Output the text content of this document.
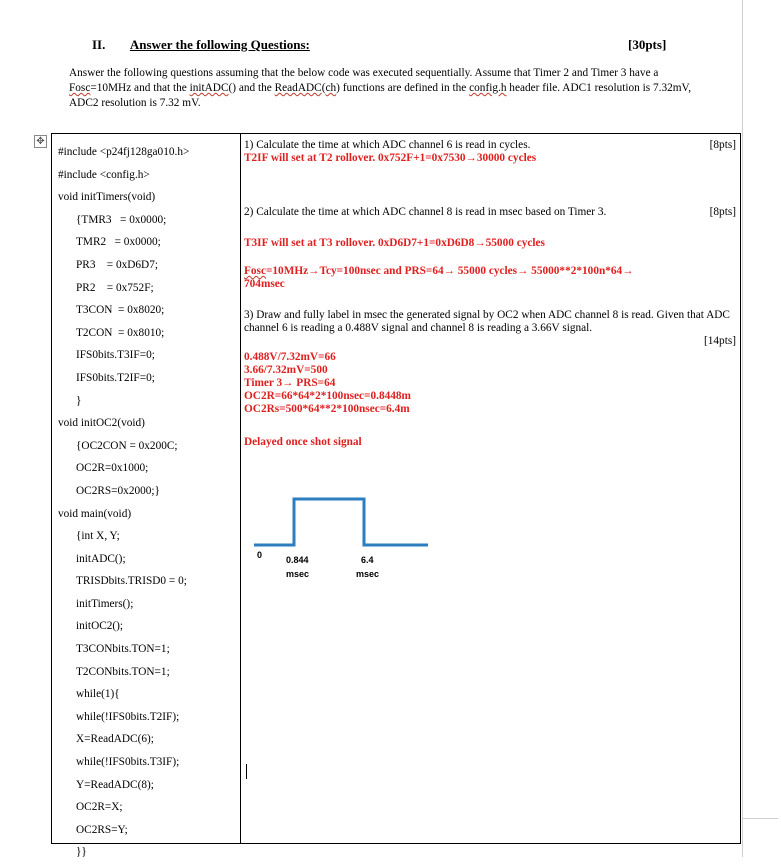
II. Answer the following Questions:	[30pts]
Answer the following questions assuming that the below code was executed sequentially. Assume that Timer 2 and Timer 3 have a Fosc=10MHz and that the initADC() and the ReadADC(ch) functions are defined in the config.h header file. ADC1 resolution is 7.32mV, ADC2 resolution is 7.32 mV.
✥
#include <p24fj128ga010.h>
#include <config.h>
void initTimers(void)
{TMR3   = 0x0000;
TMR2   = 0x0000;
PR3    = 0xD6D7;
PR2    = 0x752F;
T3CON  = 0x8020;
T2CON  = 0x8010;
IFS0bits.T3IF=0;
IFS0bits.T2IF=0;
}
void initOC2(void)
{OC2CON = 0x200C;
OC2R=0x1000;
OC2RS=0x2000;}
void main(void)
{int X, Y;
initADC();
TRISDbits.TRISD0 = 0;
initTimers();
initOC2();
T3CONbits.TON=1;
T2CONbits.TON=1;
while(1){
while(!IFS0bits.T2IF);
X=ReadADC(6);
while(!IFS0bits.T3IF);
Y=ReadADC(8);
OC2R=X;
OC2RS=Y;
}}
1) Calculate the time at which ADC channel 6 is read in cycles.	[8pts]
T2IF will set at T2 rollover. 0x752F+1=0x7530→30000 cycles
2) Calculate the time at which ADC channel 8 is read in msec based on Timer 3.	[8pts]
T3IF will set at T3 rollover. 0xD6D7+1=0xD6D8→55000 cycles
Fosc=10MHz→Tcy=100nsec and PRS=64→ 55000 cycles→ 55000**2*100n*64→
704msec
3) Draw and fully label in msec the generated signal by OC2 when ADC channel 8 is read. Given that ADC channel 6 is reading a 0.488V signal and channel 8 is reading a 3.66V signal.
[14pts]
0.488V/7.32mV=66
3.66/7.32mV=500
Timer 3→ PRS=64
OC2R=66*64*2*100nsec=0.8448m
OC2Rs=500*64**2*100nsec=6.4m
Delayed once shot signal
0	0.844
msec
6.4
msec
